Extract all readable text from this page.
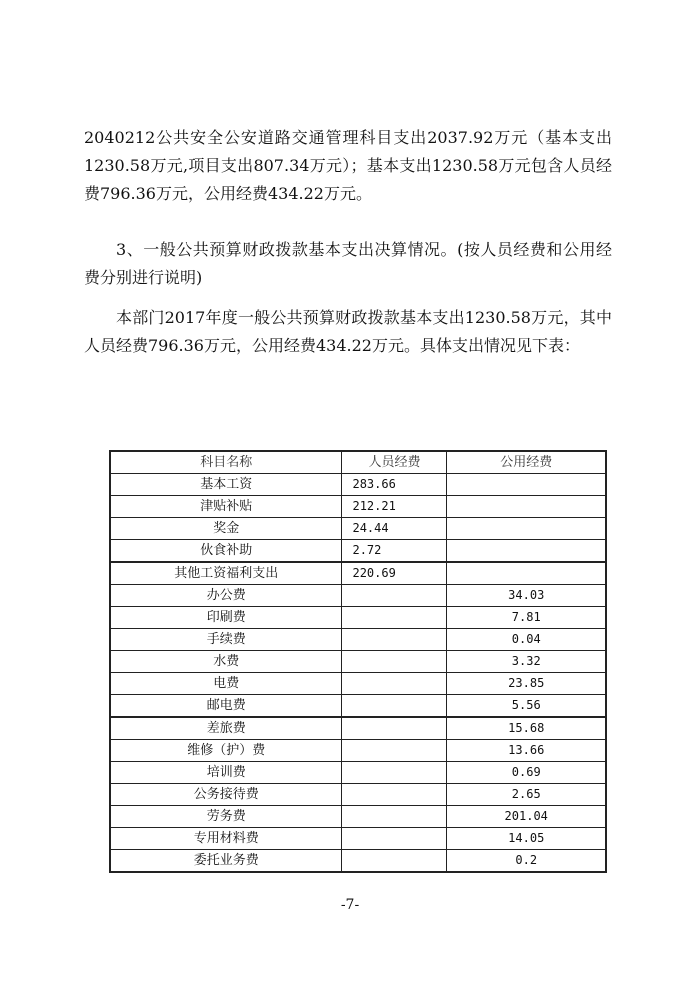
2040212公共安全公安道路交通管理科目支出2037.92万元（基本支出1230.58万元,项目支出807.34万元）；基本支出1230.58万元包含人员经费796.36万元，公用经费434.22万元。

3、一般公共预算财政拨款基本支出决算情况。(按人员经费和公用经费分别进行说明)

本部门2017年度一般公共预算财政拨款基本支出1230.58万元，其中人员经费796.36万元，公用经费434.22万元。具体支出情况见下表：

科目名称	人员经费	公用经费
基本工资	283.66	
津贴补贴	212.21	
奖金	24.44	
伙食补助	2.72	
其他工资福利支出	220.69	
办公费		34.03
印刷费		7.81
手续费		0.04
水费		3.32
电费		23.85
邮电费		5.56
差旅费		15.68
维修（护）费		13.66
培训费		0.69
公务接待费		2.65
劳务费		201.04
专用材料费		14.05
委托业务费		0.2
-7-
